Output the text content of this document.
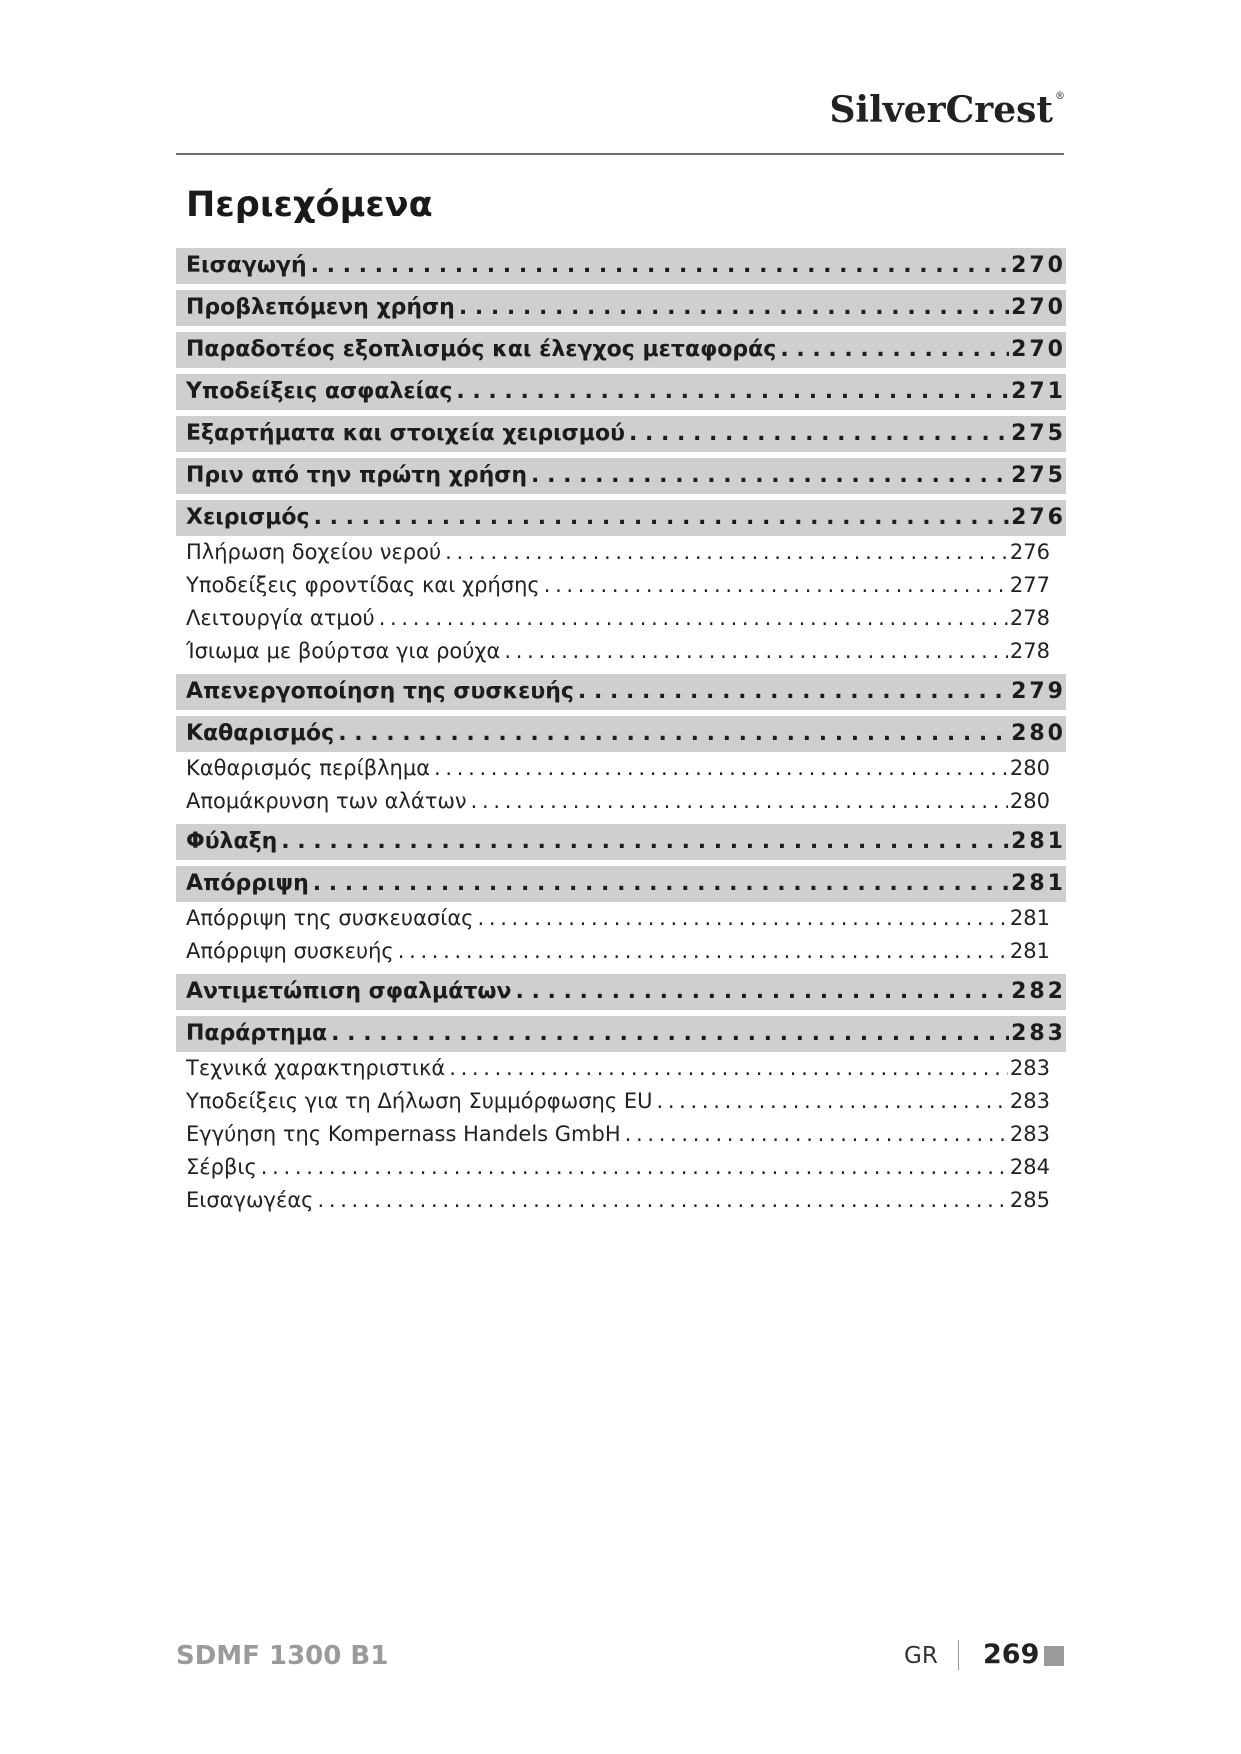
SilverCrest ®
Περιεχόμενα
Εισαγωγή . . .	270
Προβλεπόμενη χρήση . . .	270
Παραδοτέος εξοπλισμός και έλεγχος μεταφοράς . . .	270
Υποδείξεις ασφαλείας . . .	271
Εξαρτήματα και στοιχεία χειρισμού . . .	275
Πριν από την πρώτη χρήση . . .	275
Χειρισμός . . .	276
Πλήρωση δοχείου νερού . . .	276
Υποδείξεις φροντίδας και χρήσης . . .	277
Λειτουργία ατμού . . .	278
Ίσιωμα με βούρτσα για ρούχα . . .	278
Απενεργοποίηση της συσκευής . . .	279
Καθαρισμός . . .	280
Καθαρισμός περίβλημα . . .	280
Απομάκρυνση των αλάτων . . .	280
Φύλαξη . . .	281
Απόρριψη . . .	281
Απόρριψη της συσκευασίας . . .	281
Απόρριψη συσκευής . . .	281
Αντιμετώπιση σφαλμάτων . . .	282
Παράρτημα . . .	283
Τεχνικά χαρακτηριστικά . . .	283
Υποδείξεις για τη Δήλωση Συμμόρφωσης EU . . .	283
Εγγύηση της Kompernass Handels GmbH . . .	283
Σέρβις . . .	284
Εισαγωγέας . . .	285
SDMF 1300 B1	GR 269
